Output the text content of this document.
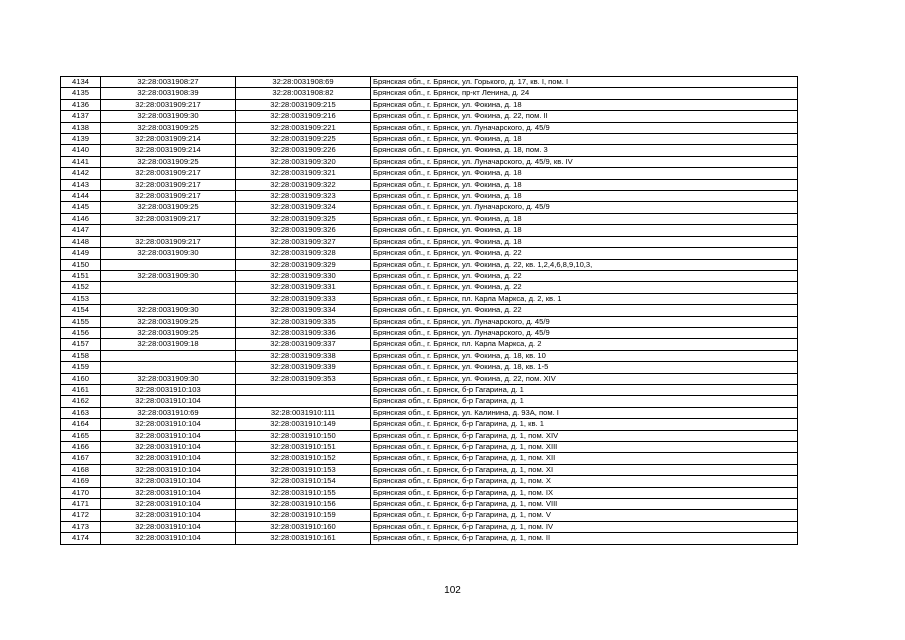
4134	32:28:0031908:27	32:28:0031908:69	Брянская обл., г. Брянск, ул. Горького, д. 17, кв. I, пом. I
4135	32:28:0031908:39	32:28:0031908:82	Брянская обл., г. Брянск, пр-кт Ленина, д. 24
4136	32:28:0031909:217	32:28:0031909:215	Брянская обл., г. Брянск, ул. Фокина, д. 18
4137	32:28:0031909:30	32:28:0031909:216	Брянская обл., г. Брянск, ул. Фокина, д. 22, пом. II
4138	32:28:0031909:25	32:28:0031909:221	Брянская обл., г. Брянск, ул. Луначарского, д. 45/9
4139	32:28:0031909:214	32:28:0031909:225	Брянская обл., г. Брянск, ул. Фокина, д. 18
4140	32:28:0031909:214	32:28:0031909:226	Брянская обл., г. Брянск, ул. Фокина, д. 18, пом. 3
4141	32:28:0031909:25	32:28:0031909:320	Брянская обл., г. Брянск, ул. Луначарского, д. 45/9, кв. IV
4142	32:28:0031909:217	32:28:0031909:321	Брянская обл., г. Брянск, ул. Фокина, д. 18
4143	32:28:0031909:217	32:28:0031909:322	Брянская обл., г. Брянск, ул. Фокина, д. 18
4144	32:28:0031909:217	32:28:0031909:323	Брянская обл., г. Брянск, ул. Фокина, д. 18
4145	32:28:0031909:25	32:28:0031909:324	Брянская обл., г. Брянск, ул. Луначарского, д. 45/9
4146	32:28:0031909:217	32:28:0031909:325	Брянская обл., г. Брянск, ул. Фокина, д. 18
4147		32:28:0031909:326	Брянская обл., г. Брянск, ул. Фокина, д. 18
4148	32:28:0031909:217	32:28:0031909:327	Брянская обл., г. Брянск, ул. Фокина, д. 18
4149	32:28:0031909:30	32:28:0031909:328	Брянская обл., г. Брянск, ул. Фокина, д. 22
4150		32:28:0031909:329	Брянская обл., г. Брянск, ул. Фокина, д. 22, кв. 1,2,4,6,8,9,10,3,
4151	32:28:0031909:30	32:28:0031909:330	Брянская обл., г. Брянск, ул. Фокина, д. 22
4152		32:28:0031909:331	Брянская обл., г. Брянск, ул. Фокина, д. 22
4153		32:28:0031909:333	Брянская обл., г. Брянск, пл. Карла Маркса, д. 2, кв. 1
4154	32:28:0031909:30	32:28:0031909:334	Брянская обл., г. Брянск, ул. Фокина, д. 22
4155	32:28:0031909:25	32:28:0031909:335	Брянская обл., г. Брянск, ул. Луначарского, д. 45/9
4156	32:28:0031909:25	32:28:0031909:336	Брянская обл., г. Брянск, ул. Луначарского, д. 45/9
4157	32:28:0031909:18	32:28:0031909:337	Брянская обл., г. Брянск, пл. Карла Маркса, д. 2
4158		32:28:0031909:338	Брянская обл., г. Брянск, ул. Фокина, д. 18, кв. 10
4159		32:28:0031909:339	Брянская обл., г. Брянск, ул. Фокина, д. 18, кв. 1-5
4160	32:28:0031909:30	32:28:0031909:353	Брянская обл., г. Брянск, ул. Фокина, д. 22, пом. XIV
4161	32:28:0031910:103		Брянская обл., г. Брянск, б-р Гагарина, д. 1
4162	32:28:0031910:104		Брянская обл., г. Брянск, б-р Гагарина, д. 1
4163	32:28:0031910:69	32:28:0031910:111	Брянская обл., г. Брянск, ул. Калинина, д. 93А, пом. I
4164	32:28:0031910:104	32:28:0031910:149	Брянская обл., г. Брянск, б-р Гагарина, д. 1, кв. 1
4165	32:28:0031910:104	32:28:0031910:150	Брянская обл., г. Брянск, б-р Гагарина, д. 1, пом. XIV
4166	32:28:0031910:104	32:28:0031910:151	Брянская обл., г. Брянск, б-р Гагарина, д. 1, пом. XIII
4167	32:28:0031910:104	32:28:0031910:152	Брянская обл., г. Брянск, б-р Гагарина, д. 1, пом. XII
4168	32:28:0031910:104	32:28:0031910:153	Брянская обл., г. Брянск, б-р Гагарина, д. 1, пом. XI
4169	32:28:0031910:104	32:28:0031910:154	Брянская обл., г. Брянск, б-р Гагарина, д. 1, пом. X
4170	32:28:0031910:104	32:28:0031910:155	Брянская обл., г. Брянск, б-р Гагарина, д. 1, пом. IX
4171	32:28:0031910:104	32:28:0031910:156	Брянская обл., г. Брянск, б-р Гагарина, д. 1, пом. VIII
4172	32:28:0031910:104	32:28:0031910:159	Брянская обл., г. Брянск, б-р Гагарина, д. 1, пом. V
4173	32:28:0031910:104	32:28:0031910:160	Брянская обл., г. Брянск, б-р Гагарина, д. 1, пом. IV
4174	32:28:0031910:104	32:28:0031910:161	Брянская обл., г. Брянск, б-р Гагарина, д. 1, пом. II
102
